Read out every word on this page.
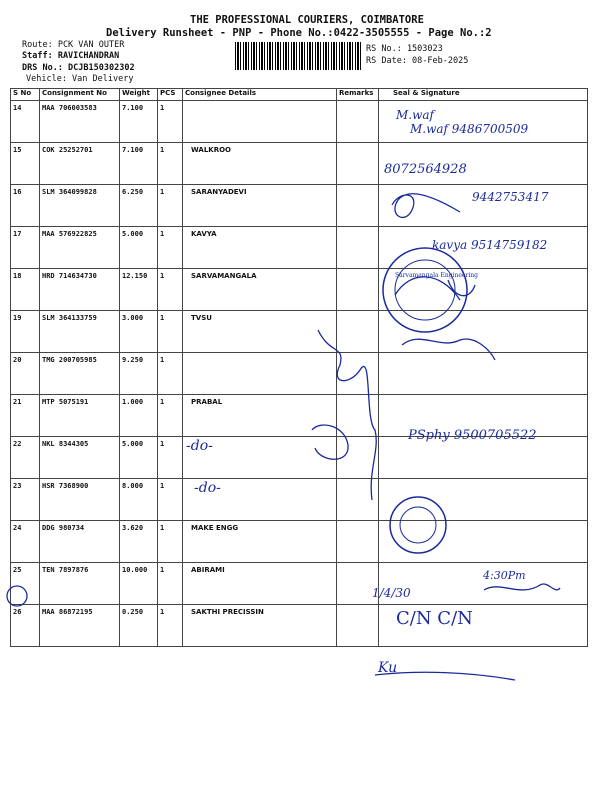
THE PROFESSIONAL COURIERS, COIMBATORE
Delivery Runsheet - PNP - Phone No.:0422-3505555 - Page No.:2
Route: PCK VAN OUTER
Staff: RAVICHANDRAN
DRS No.: DCJB150302302
Vehicle: Van Delivery
RS No.: 1503023
RS Date: 08-Feb-2025
S No	Consignment No	Weight	PCS	Consignee Details	Remarks	Seal & Signature
14	MAA 706003583	7.100	1			
15	COK 25252701	7.100	1	WALKROO		
16	SLM 364099828	6.250	1	SARANYADEVI		
17	MAA 576922825	5.000	1	KAVYA		
18	HRD 714634730	12.150	1	SARVAMANGALA		
19	SLM 364133759	3.000	1	TVSU		
20	TMG 200705985	9.250	1			
21	MTP 5075191	1.000	1	PRABAL		
22	NKL 8344305	5.000	1			
23	HSR 7368900	8.000	1			
24	DDG 980734	3.620	1	MAKE ENGG		
25	TEN 7897876	10.000	1	ABIRAMI		
26	MAA 86872195	0.250	1	SAKTHI PRECISSIN		
M.waf
M.waf 9486700509
8072564928
9442753417
kavya 9514759182
-do-
PSphy 9500705522
-do-
4:30Pm
1/4/30
C/N C/N
Ku
Sarvamangala Engineering
